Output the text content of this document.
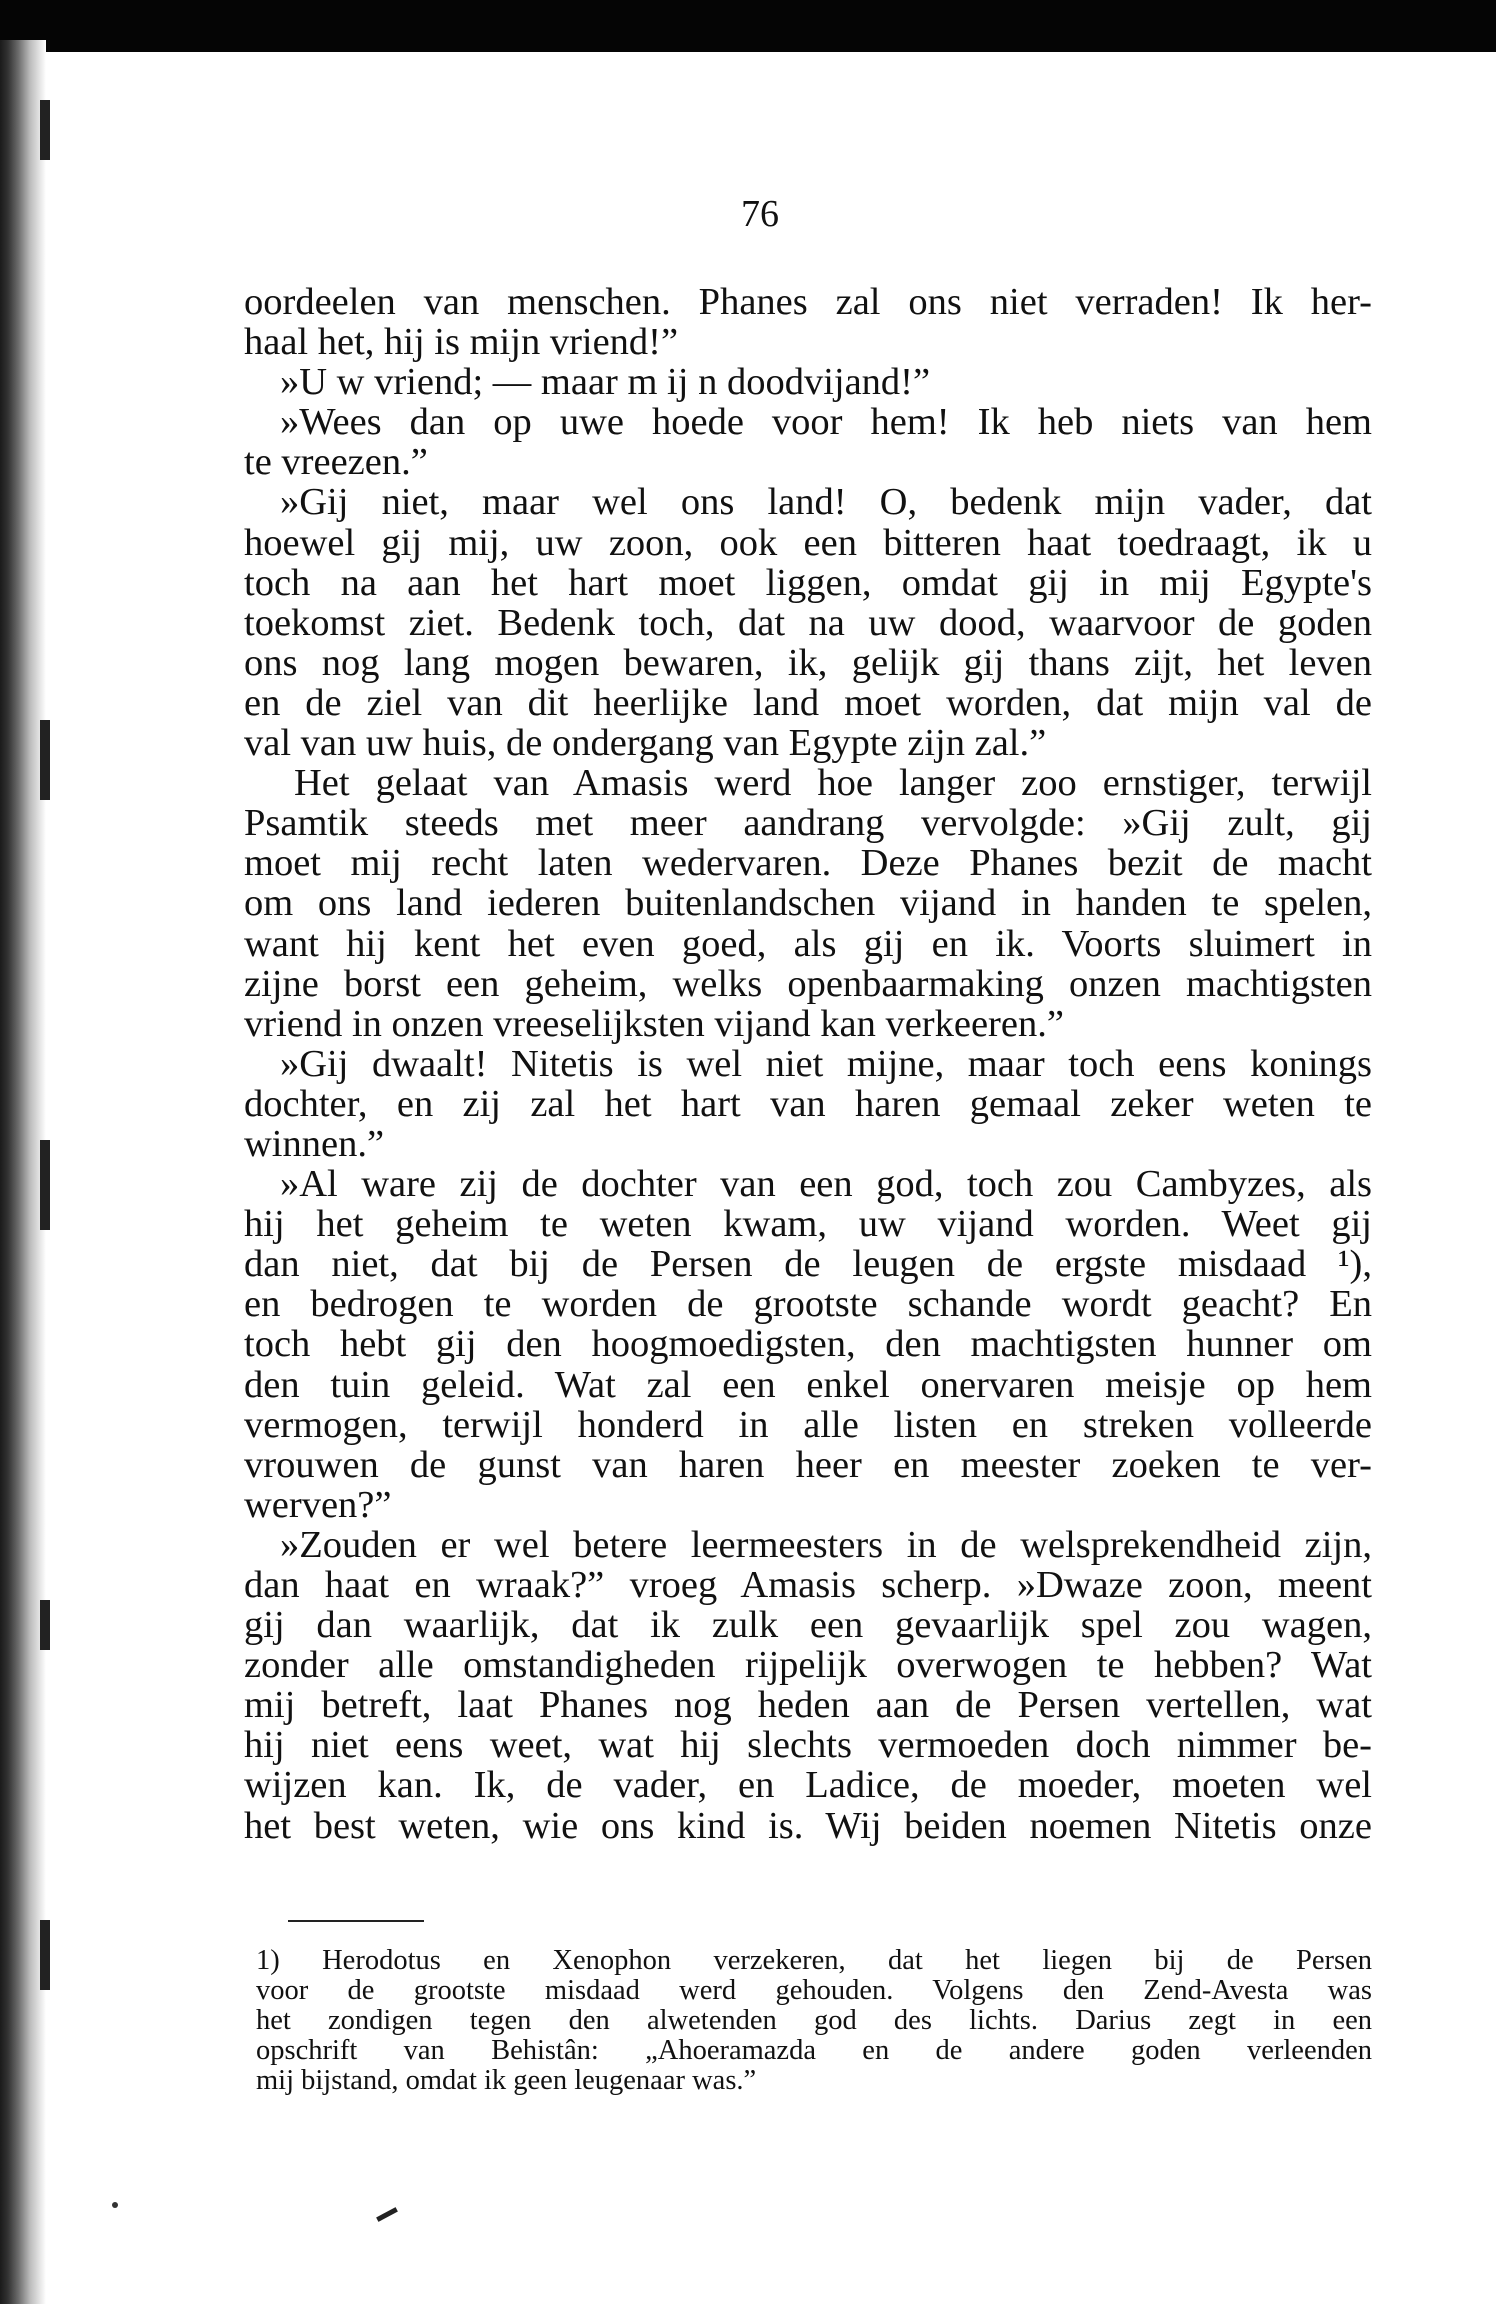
76
oordeelen van menschen. Phanes zal ons niet verraden! Ik her-
haal het, hij is mijn vriend!”
»U w vriend; — maar m ij n doodvijand!”
»Wees dan op uwe hoede voor hem! Ik heb niets van hem
te vreezen.”
»Gij niet, maar wel ons land! O, bedenk mijn vader, dat
hoewel gij mij, uw zoon, ook een bitteren haat toedraagt, ik u
toch na aan het hart moet liggen, omdat gij in mij Egypte's
toekomst ziet. Bedenk toch, dat na uw dood, waarvoor de goden
ons nog lang mogen bewaren, ik, gelijk gij thans zijt, het leven
en de ziel van dit heerlijke land moet worden, dat mijn val de
val van uw huis, de ondergang van Egypte zijn zal.”
Het gelaat van Amasis werd hoe langer zoo ernstiger, terwijl
Psamtik steeds met meer aandrang vervolgde: »Gij zult, gij
moet mij recht laten wedervaren. Deze Phanes bezit de macht
om ons land iederen buitenlandschen vijand in handen te spelen,
want hij kent het even goed, als gij en ik. Voorts sluimert in
zijne borst een geheim, welks openbaarmaking onzen machtigsten
vriend in onzen vreeselijksten vijand kan verkeeren.”
»Gij dwaalt! Nitetis is wel niet mijne, maar toch eens konings
dochter, en zij zal het hart van haren gemaal zeker weten te
winnen.”
»Al ware zij de dochter van een god, toch zou Cambyzes, als
hij het geheim te weten kwam, uw vijand worden. Weet gij
dan niet, dat bij de Persen de leugen de ergste misdaad ¹),
en bedrogen te worden de grootste schande wordt geacht? En
toch hebt gij den hoogmoedigsten, den machtigsten hunner om
den tuin geleid. Wat zal een enkel onervaren meisje op hem
vermogen, terwijl honderd in alle listen en streken volleerde
vrouwen de gunst van haren heer en meester zoeken te ver-
werven?”
»Zouden er wel betere leermeesters in de welsprekendheid zijn,
dan haat en wraak?” vroeg Amasis scherp. »Dwaze zoon, meent
gij dan waarlijk, dat ik zulk een gevaarlijk spel zou wagen,
zonder alle omstandigheden rijpelijk overwogen te hebben? Wat
mij betreft, laat Phanes nog heden aan de Persen vertellen, wat
hij niet eens weet, wat hij slechts vermoeden doch nimmer be-
wijzen kan. Ik, de vader, en Ladice, de moeder, moeten wel
het best weten, wie ons kind is. Wij beiden noemen Nitetis onze
1) Herodotus en Xenophon verzekeren, dat het liegen bij de Persen
voor de grootste misdaad werd gehouden. Volgens den Zend-Avesta was
het zondigen tegen den alwetenden god des lichts. Darius zegt in een
opschrift van Behistân: „Ahoeramazda en de andere goden verleenden
mij bijstand, omdat ik geen leugenaar was.”
